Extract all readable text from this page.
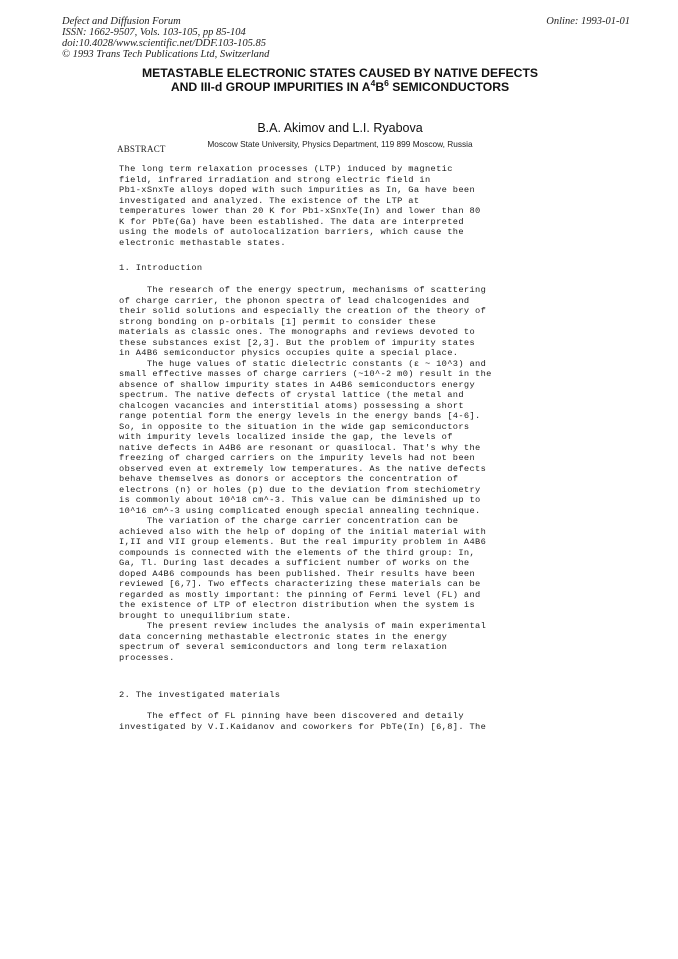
Defect and Diffusion Forum
ISSN: 1662-9507, Vols. 103-105, pp 85-104
doi:10.4028/www.scientific.net/DDF.103-105.85
© 1993 Trans Tech Publications Ltd, Switzerland
Online: 1993-01-01
METASTABLE ELECTRONIC STATES CAUSED BY NATIVE DEFECTS
AND III-d GROUP IMPURITIES IN $A^4B^6$ SEMICONDUCTORS
B.A. Akimov and L.I. Ryabova
Moscow State University, Physics Department, 119 899 Moscow, Russia
ABSTRACT
The long term relaxation processes (LTP) induced by magnetic
field, infrared irradiation and strong electric field in
Pb1-xSnxTe alloys doped with such impurities as In, Ga have been
investigated and analyzed. The existence of the LTP at
temperatures lower than 20 K for Pb1-xSnxTe(In) and lower than 80
K for PbTe(Ga) have been established. The data are interpreted
using the models of autolocalization barriers, which cause the
electronic methastable states.
1. Introduction
The research of the energy spectrum, mechanisms of scattering
of charge carrier, the phonon spectra of lead chalcogenides and
their solid solutions and especially the creation of the theory of
strong bonding on p-orbitals [1] permit to consider these
materials as classic ones. The monographs and reviews devoted to
these substances exist [2,3]. But the problem of impurity states
in A4B6 semiconductor physics occupies quite a special place.
The huge values of static dielectric constants (ε ~ 10^3) and
small effective masses of charge carriers (~10^-2 m0) result in the
absence of shallow impurity states in A4B6 semiconductors energy
spectrum. The native defects of crystal lattice (the metal and
chalcogen vacancies and interstitial atoms) possessing a short
range potential form the energy levels in the energy bands [4-6].
So, in opposite to the situation in the wide gap semiconductors
with impurity levels localized inside the gap, the levels of
native defects in A4B6 are resonant or quasilocal. That's why the
freezing of charged carriers on the impurity levels had not been
observed even at extremely low temperatures. As the native defects
behave themselves as donors or acceptors the concentration of
electrons (n) or holes (p) due to the deviation from stechiometry
is commonly about 10^18 cm^-3. This value can be diminished up to
10^16 cm^-3 using complicated enough special annealing technique.
The variation of the charge carrier concentration can be
achieved also with the help of doping of the initial material with
I,II and VII group elements. But the real impurity problem in A4B6
compounds is connected with the elements of the third group: In,
Ga, Tl. During last decades a sufficient number of works on the
doped A4B6 compounds has been published. Their results have been
reviewed [6,7]. Two effects characterizing these materials can be
regarded as mostly important: the pinning of Fermi level (FL) and
the existence of LTP of electron distribution when the system is
brought to unequilibrium state.
The present review includes the analysis of main experimental
data concerning methastable electronic states in the energy
spectrum of several semiconductors and long term relaxation
processes.
2. The investigated materials
The effect of FL pinning have been discovered and detaily
investigated by V.I.Kaidanov and coworkers for PbTe(In) [6,8]. The
